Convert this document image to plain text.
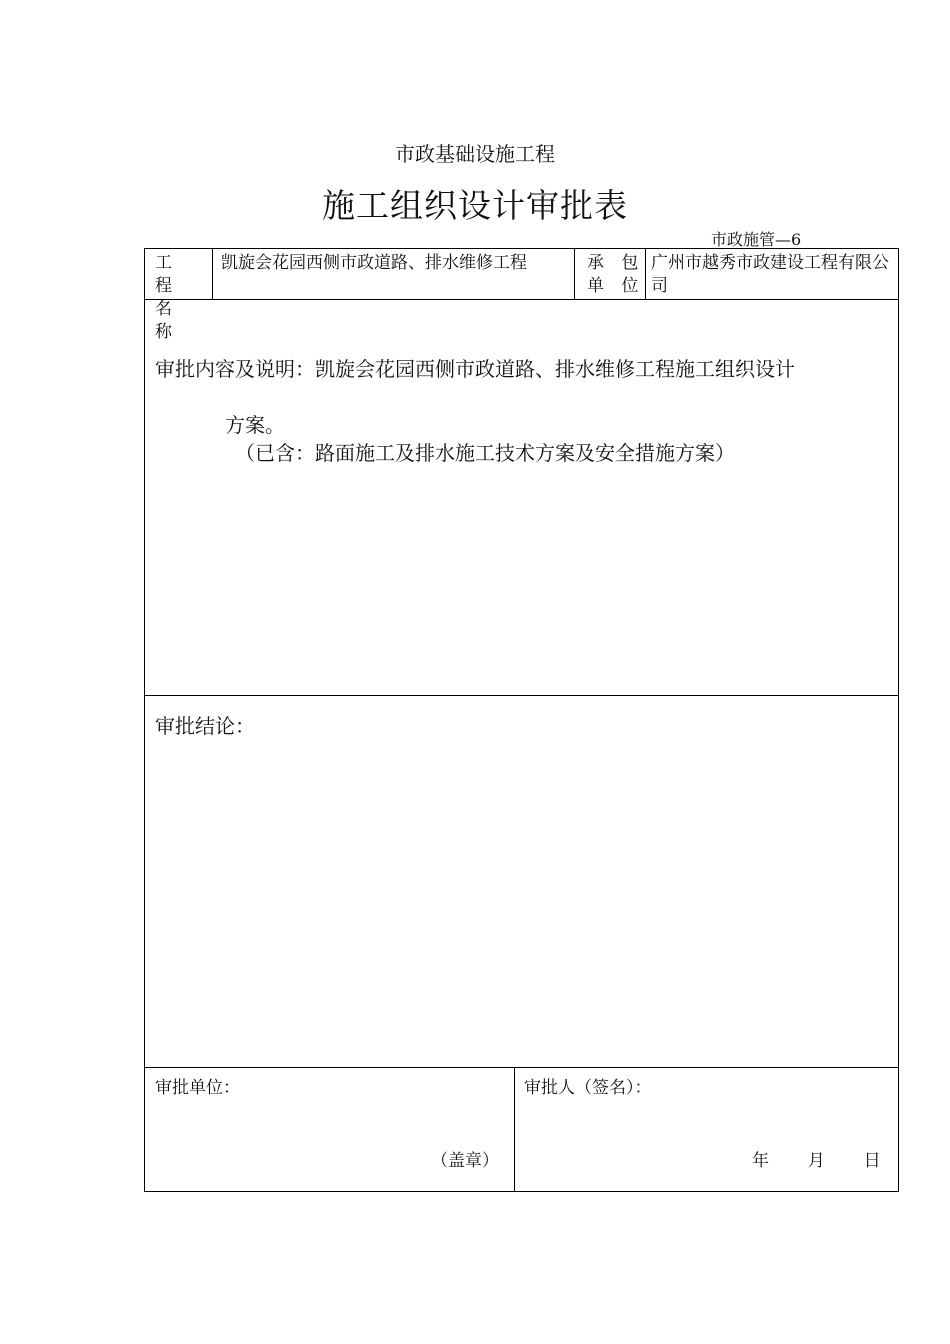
市政基础设施工程
施工组织设计审批表
市政施管—6
工 程 名 称
凯旋会花园西侧市政道路、排水维修工程	承 包 单 位
广州市越秀市政建设工程有限公司
审批内容及说明：凯旋会花园西侧市政道路、排水维修工程施工组织设计
方案。
（已含：路面施工及排水施工技术方案及安全措施方案）
审批结论：
审批单位：
（盖章）
审批人（签名）：
年 月 日
